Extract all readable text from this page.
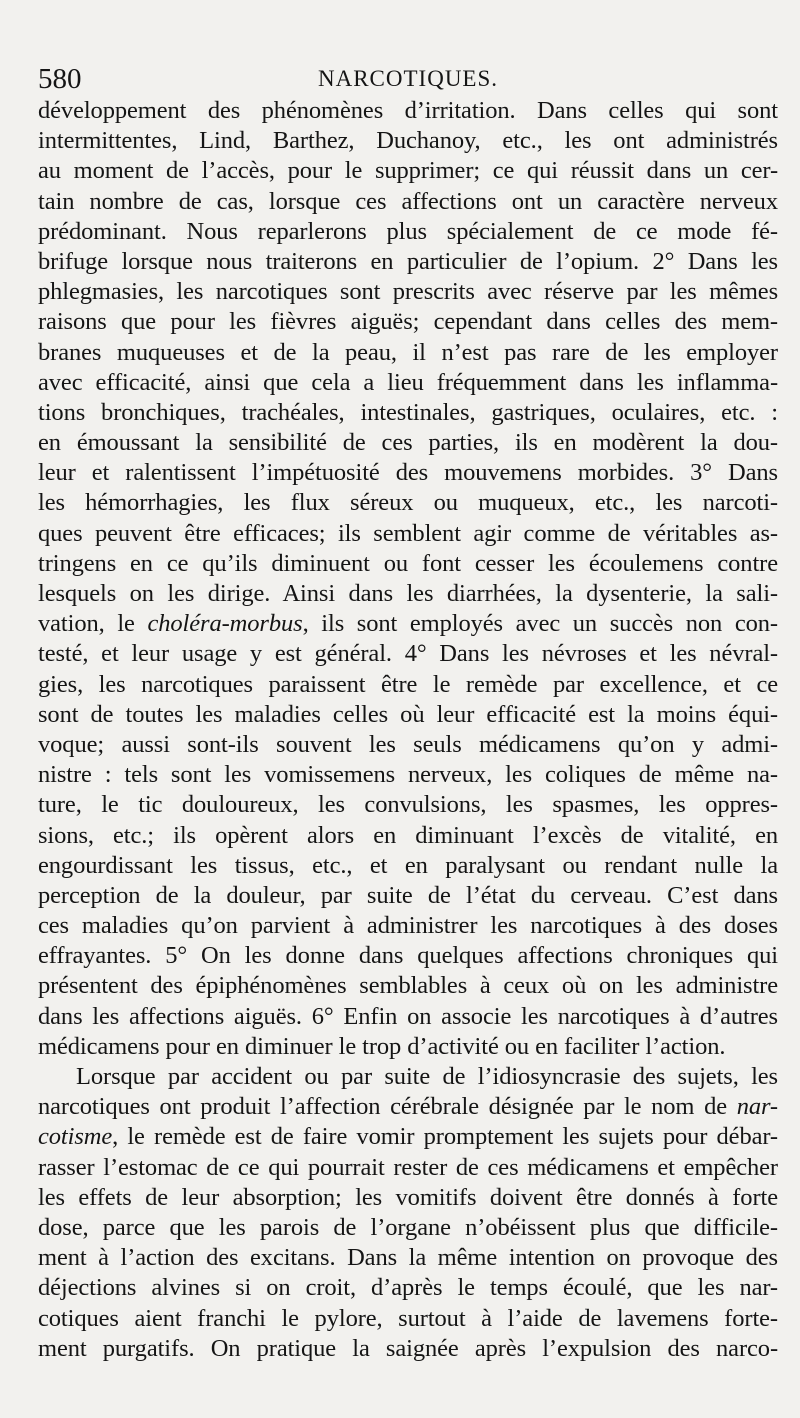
580	NARCOTIQUES.
développement des phénomènes d’irritation. Dans celles qui sont
intermittentes, Lind, Barthez, Duchanoy, etc., les ont administrés
au moment de l’accès, pour le supprimer; ce qui réussit dans un cer-
tain nombre de cas, lorsque ces affections ont un caractère nerveux
prédominant. Nous reparlerons plus spécialement de ce mode fé-
brifuge lorsque nous traiterons en particulier de l’opium. 2° Dans les
phlegmasies, les narcotiques sont prescrits avec réserve par les mêmes
raisons que pour les fièvres aiguës; cependant dans celles des mem-
branes muqueuses et de la peau, il n’est pas rare de les employer
avec efficacité, ainsi que cela a lieu fréquemment dans les inflamma-
tions bronchiques, trachéales, intestinales, gastriques, oculaires, etc. :
en émoussant la sensibilité de ces parties, ils en modèrent la dou-
leur et ralentissent l’impétuosité des mouvemens morbides. 3° Dans
les hémorrhagies, les flux séreux ou muqueux, etc., les narcoti-
ques peuvent être efficaces; ils semblent agir comme de véritables as-
tringens en ce qu’ils diminuent ou font cesser les écoulemens contre
lesquels on les dirige. Ainsi dans les diarrhées, la dysenterie, la sali-
vation, le choléra-morbus, ils sont employés avec un succès non con-
testé, et leur usage y est général. 4° Dans les névroses et les névral-
gies, les narcotiques paraissent être le remède par excellence, et ce
sont de toutes les maladies celles où leur efficacité est la moins équi-
voque; aussi sont-ils souvent les seuls médicamens qu’on y admi-
nistre : tels sont les vomissemens nerveux, les coliques de même na-
ture, le tic douloureux, les convulsions, les spasmes, les oppres-
sions, etc.; ils opèrent alors en diminuant l’excès de vitalité, en
engourdissant les tissus, etc., et en paralysant ou rendant nulle la
perception de la douleur, par suite de l’état du cerveau. C’est dans
ces maladies qu’on parvient à administrer les narcotiques à des doses
effrayantes. 5° On les donne dans quelques affections chroniques qui
présentent des épiphénomènes semblables à ceux où on les administre
dans les affections aiguës. 6° Enfin on associe les narcotiques à d’autres
médicamens pour en diminuer le trop d’activité ou en faciliter l’action.
Lorsque par accident ou par suite de l’idiosyncrasie des sujets, les
narcotiques ont produit l’affection cérébrale désignée par le nom de nar-
cotisme, le remède est de faire vomir promptement les sujets pour débar-
rasser l’estomac de ce qui pourrait rester de ces médicamens et empêcher
les effets de leur absorption; les vomitifs doivent être donnés à forte
dose, parce que les parois de l’organe n’obéissent plus que difficile-
ment à l’action des excitans. Dans la même intention on provoque des
déjections alvines si on croit, d’après le temps écoulé, que les nar-
cotiques aient franchi le pylore, surtout à l’aide de lavemens forte-
ment purgatifs. On pratique la saignée après l’expulsion des narco-
